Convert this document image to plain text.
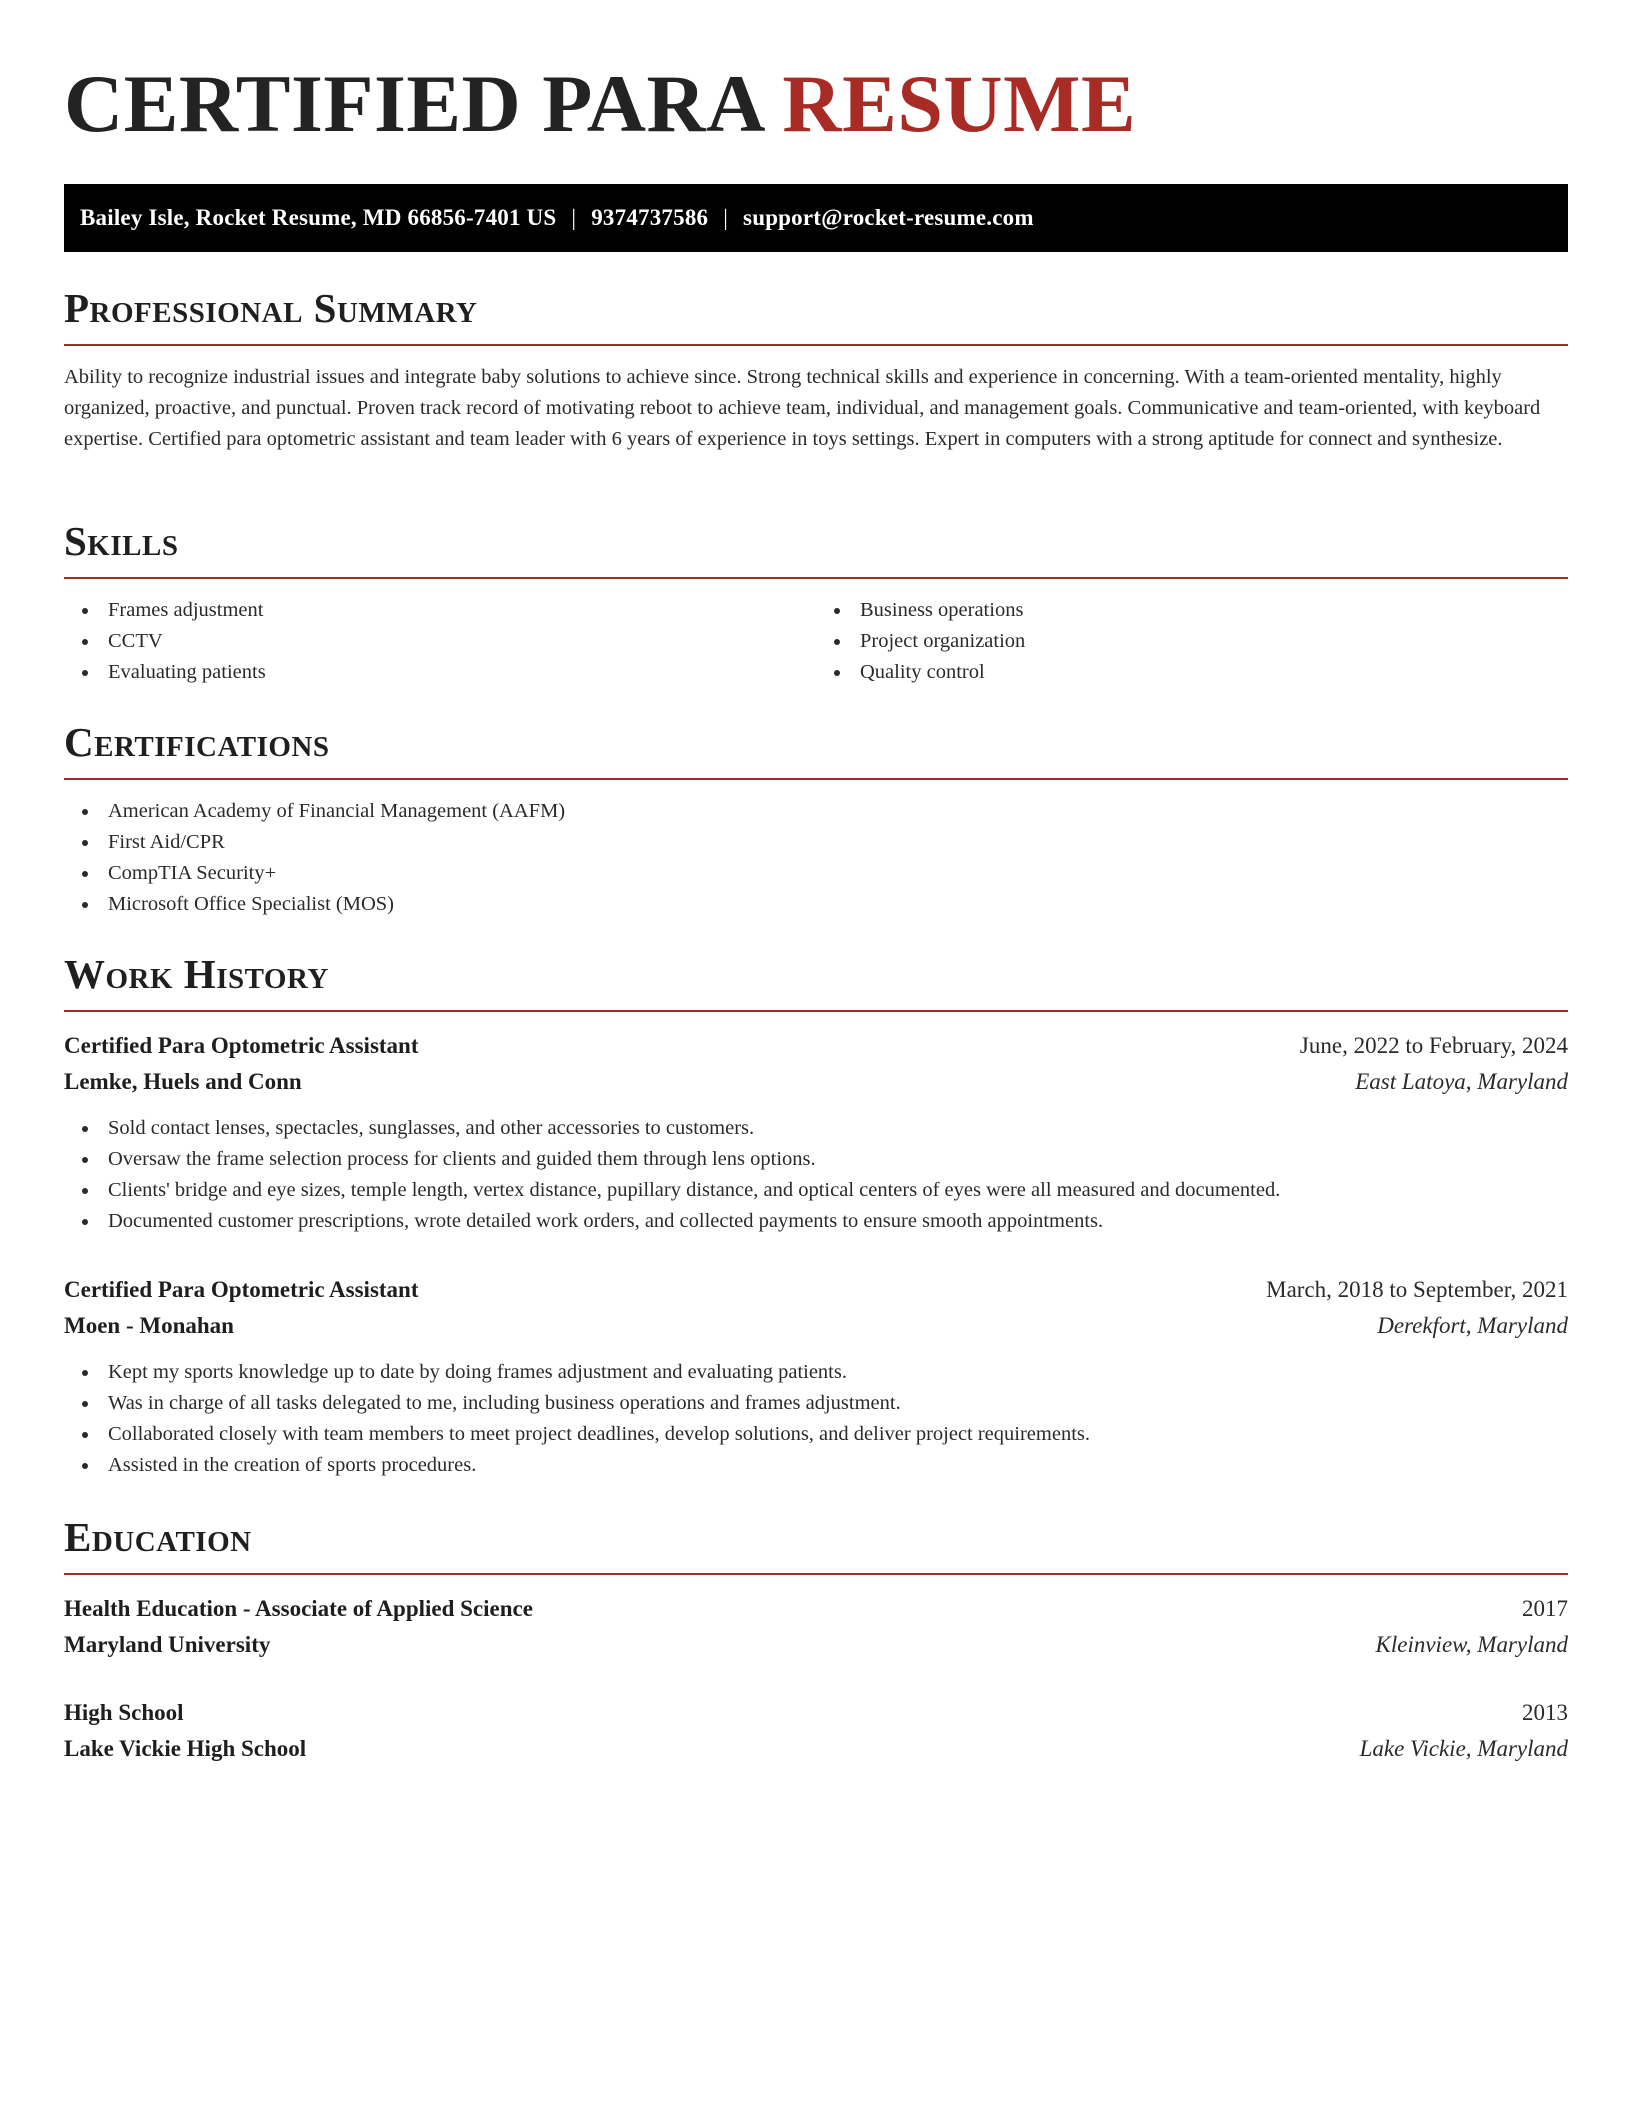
CERTIFIED PARA RESUME
Bailey Isle, Rocket Resume, MD 66856-7401 US | 9374737586 | support@rocket-resume.com
Professional Summary

Ability to recognize industrial issues and integrate baby solutions to achieve since. Strong technical skills and experience in concerning. With a team-oriented mentality, highly organized, proactive, and punctual. Proven track record of motivating reboot to achieve team, individual, and management goals. Communicative and team-oriented, with keyboard expertise. Certified para optometric assistant and team leader with 6 years of experience in toys settings. Expert in computers with a strong aptitude for connect and synthesize.

Skills
Frames adjustment
CCTV
Evaluating patients
Business operations
Project organization
Quality control
Certifications
American Academy of Financial Management (AAFM)
First Aid/CPR
CompTIA Security+
Microsoft Office Specialist (MOS)
Work History
Certified Para Optometric Assistant	June, 2022 to February, 2024
Lemke, Huels and Conn	East Latoya, Maryland
Sold contact lenses, spectacles, sunglasses, and other accessories to customers.
Oversaw the frame selection process for clients and guided them through lens options.
Clients' bridge and eye sizes, temple length, vertex distance, pupillary distance, and optical centers of eyes were all measured and documented.
Documented customer prescriptions, wrote detailed work orders, and collected payments to ensure smooth appointments.
Certified Para Optometric Assistant	March, 2018 to September, 2021
Moen - Monahan	Derekfort, Maryland
Kept my sports knowledge up to date by doing frames adjustment and evaluating patients.
Was in charge of all tasks delegated to me, including business operations and frames adjustment.
Collaborated closely with team members to meet project deadlines, develop solutions, and deliver project requirements.
Assisted in the creation of sports procedures.
Education
Health Education - Associate of Applied Science	2017
Maryland University	Kleinview, Maryland
High School	2013
Lake Vickie High School	Lake Vickie, Maryland
